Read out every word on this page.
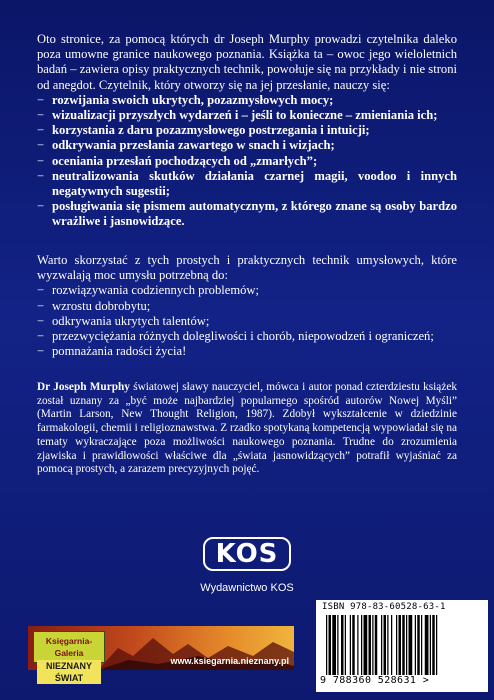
Oto stronice, za pomocą których dr Joseph Murphy prowadzi czytelnika daleko poza umowne granice naukowego poznania. Książka ta – owoc jego wieloletnich badań – zawiera opisy praktycznych technik, powołuje się na przykłady i nie stroni od anegdot. Czytelnik, który otworzy się na jej przesłanie, nauczy się:
− rozwijania swoich ukrytych, pozazmysłowych mocy;
− wizualizacji przyszłych wydarzeń i – jeśli to konieczne – zmieniania ich;
− korzystania z daru pozazmysłowego postrzegania i intuicji;
− odkrywania przesłania zawartego w snach i wizjach;
− oceniania przesłań pochodzących od „zmarłych”;
− neutralizowania skutków działania czarnej magii, voodoo i innych negatywnych sugestii;
− posługiwania się pismem automatycznym, z którego znane są osoby bardzo wrażliwe i jasnowidzące.
Warto skorzystać z tych prostych i praktycznych technik umysłowych, które wyzwalają moc umysłu potrzebną do:
− rozwiązywania codziennych problemów;
− wzrostu dobrobytu;
− odkrywania ukrytych talentów;
− przezwyciężania różnych dolegliwości i chorób, niepowodzeń i ograniczeń;
− pomnażania radości życia!
Dr Joseph Murphy światowej sławy nauczyciel, mówca i autor ponad czterdziestu książek został uznany za „być może najbardziej popularnego spośród autorów Nowej Myśli” (Martin Larson, New Thought Religion, 1987). Zdobył wykształcenie w dziedzinie farmakologii, chemii i religioznawstwa. Z rzadko spotykaną kompetencją wypowiadał się na tematy wykraczające poza możliwości naukowego poznania. Trudne do zrozumienia zjawiska i prawidłowości właściwe dla „świata jasnowidzących” potrafił wyjaśniać za pomocą prostych, a zarazem precyzyjnych pojęć.
KOS
Wydawnictwo KOS
Księgarnia-Galeria
NIEZNANY ŚWIAT
www.ksiegarnia.nieznany.pl
ISBN 978-83-60528-63-1
9 788360 528631 >
